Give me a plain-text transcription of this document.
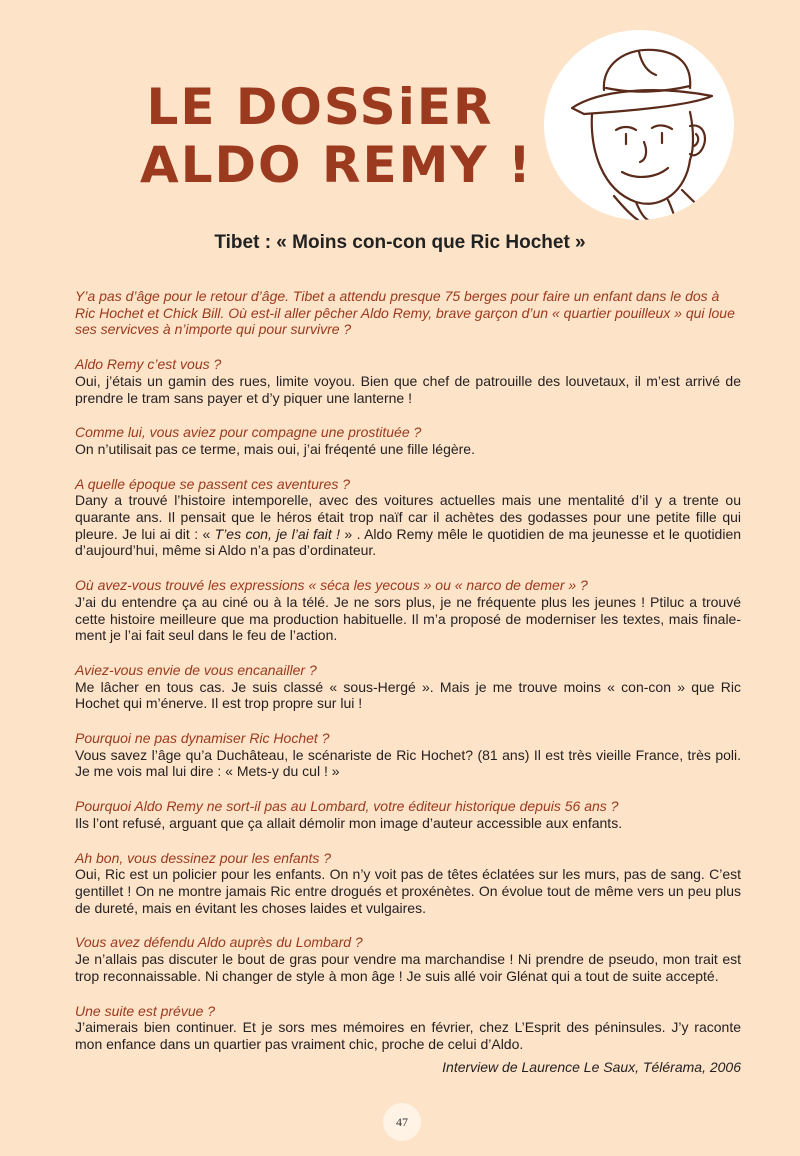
LE DOSSiER
ALDO REMY !
Tibet : « Moins con-con que Ric Hochet »

Y’a pas d’âge pour le retour d’âge. Tibet a attendu presque 75 berges pour faire un enfant dans le dos à Ric Hochet et Chick Bill. Où est-il aller pêcher Aldo Remy, brave garçon d’un « quartier pouilleux » qui loue ses servicves à n’importe qui pour survivre ?

Aldo Remy c’est vous ?
Oui, j’étais un gamin des rues, limite voyou. Bien que chef de patrouille des louvetaux, il m’est arrivé de prendre le tram sans payer et d’y piquer une lanterne !
Comme lui, vous aviez pour compagne une prostituée ?
On n’utilisait pas ce terme, mais oui, j’ai fréqenté une fille légère.
A quelle époque se passent ces aventures ?
Dany a trouvé l’histoire intemporelle, avec des voitures actuelles mais une mentalité d’il y a trente ou quarante ans. Il pensait que le héros était trop naïf car il achètes des godasses pour une petite fille qui pleure. Je lui ai dit : « T’es con, je l’ai fait ! » . Aldo Remy mêle le quotidien de ma jeunesse et le quotidien d’aujourd’hui, même si Aldo n’a pas d’ordinateur.
Où avez-vous trouvé les expressions « séca les yecous » ou « narco de demer » ?
J’ai du entendre ça au ciné ou à la télé. Je ne sors plus, je ne fréquente plus les jeunes ! Ptiluc a trouvé cette histoire meilleure que ma production habituelle. Il m’a proposé de moderniser les textes, mais finale-ment je l’ai fait seul dans le feu de l’action.
Aviez-vous envie de vous encanailler ?
Me lâcher en tous cas. Je suis classé « sous-Hergé ». Mais je me trouve moins « con-con » que Ric Hochet qui m’énerve. Il est trop propre sur lui !
Pourquoi ne pas dynamiser Ric Hochet ?
Vous savez l’âge qu’a Duchâteau, le scénariste de Ric Hochet? (81 ans) Il est très vieille France, très poli. Je me vois mal lui dire : « Mets-y du cul ! »
Pourquoi Aldo Remy ne sort-il pas au Lombard, votre éditeur historique depuis 56 ans ?
Ils l’ont refusé, arguant que ça allait démolir mon image d’auteur accessible aux enfants.
Ah bon, vous dessinez pour les enfants ?
Oui, Ric est un policier pour les enfants. On n’y voit pas de têtes éclatées sur les murs, pas de sang. C’est gentillet ! On ne montre jamais Ric entre drogués et proxénètes. On évolue tout de même vers un peu plus de dureté, mais en évitant les choses laides et vulgaires.
Vous avez défendu Aldo auprès du Lombard ?
Je n’allais pas discuter le bout de gras pour vendre ma marchandise ! Ni prendre de pseudo, mon trait est trop reconnaissable. Ni changer de style à mon âge ! Je suis allé voir Glénat qui a tout de suite accepté.
Une suite est prévue ?
J’aimerais bien continuer. Et je sors mes mémoires en février, chez L’Esprit des péninsules. J’y raconte mon enfance dans un quartier pas vraiment chic, proche de celui d’Aldo.
Interview de Laurence Le Saux, Télérama, 2006
47
